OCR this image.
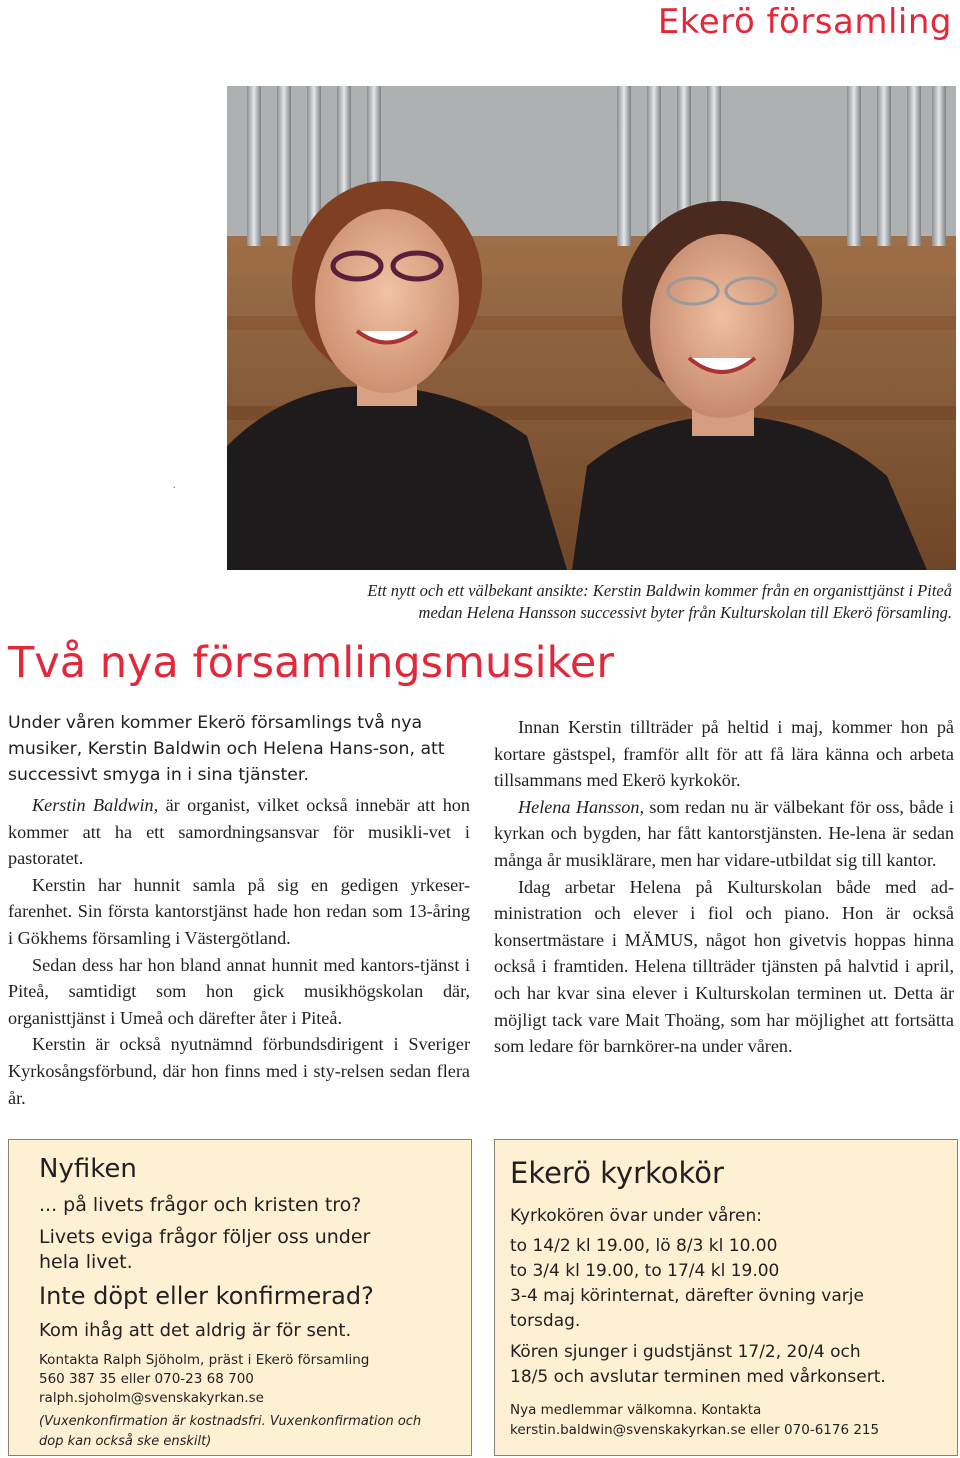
Ekerö församling
.
Ett nytt och ett välbekant ansikte: Kerstin Baldwin kommer från en organisttjänst i Piteå
medan Helena Hansson successivt byter från Kulturskolan till Ekerö församling.
Två nya församlingsmusiker

Under våren kommer Ekerö församlings två nya musiker, Kerstin Baldwin och Helena Hans-son, att successivt smyga in i sina tjänster.

Kerstin Baldwin, är organist, vilket också innebär att hon kommer att ha ett samordningsansvar för musikli-vet i pastoratet.

Kerstin har hunnit samla på sig en gedigen yrkeser-farenhet. Sin första kantorstjänst hade hon redan som 13-åring i Gökhems församling i Västergötland.

Sedan dess har hon bland annat hunnit med kantors-tjänst i Piteå, samtidigt som hon gick musikhögskolan där, organisttjänst i Umeå och därefter åter i Piteå.

Kerstin är också nyutnämnd förbundsdirigent i Sveriger Kyrkosångsförbund, där hon finns med i sty-relsen sedan flera år.

Innan Kerstin tillträder på heltid i maj, kommer hon på kortare gästspel, framför allt för att få lära känna och arbeta tillsammans med Ekerö kyrkokör.

Helena Hansson, som redan nu är välbekant för oss, både i kyrkan och bygden, har fått kantorstjänsten. He-lena är sedan många år musiklärare, men har vidare-utbildat sig till kantor.

Idag arbetar Helena på Kulturskolan både med ad-ministration och elever i fiol och piano. Hon är också konsertmästare i MÄMUS, något hon givetvis hoppas hinna också i framtiden. Helena tillträder tjänsten på halvtid i april, och har kvar sina elever i Kulturskolan terminen ut. Detta är möjligt tack vare Mait Thoäng, som har möjlighet att fortsätta som ledare för barnkörer-na under våren.

Nyfiken
... på livets frågor och kristen tro?
Livets eviga frågor följer oss under
hela livet.
Inte döpt eller konfirmerad?
Kom ihåg att det aldrig är för sent.
Kontakta Ralph Sjöholm, präst i Ekerö församling
560 387 35 eller 070-23 68 700
ralph.sjoholm@svenskakyrkan.se
(Vuxenkonfirmation är kostnadsfri. Vuxenkonfirmation och
dop kan också ske enskilt)
Ekerö kyrkokör
Kyrkokören övar under våren:
to 14/2 kl 19.00, lö 8/3 kl 10.00
to 3/4 kl 19.00, to 17/4 kl 19.00
3-4 maj körinternat, därefter övning varje
torsdag.
Kören sjunger i gudstjänst 17/2, 20/4 och
18/5 och avslutar terminen med vårkonsert.
Nya medlemmar välkomna. Kontakta
kerstin.baldwin@svenskakyrkan.se eller 070-6176 215
